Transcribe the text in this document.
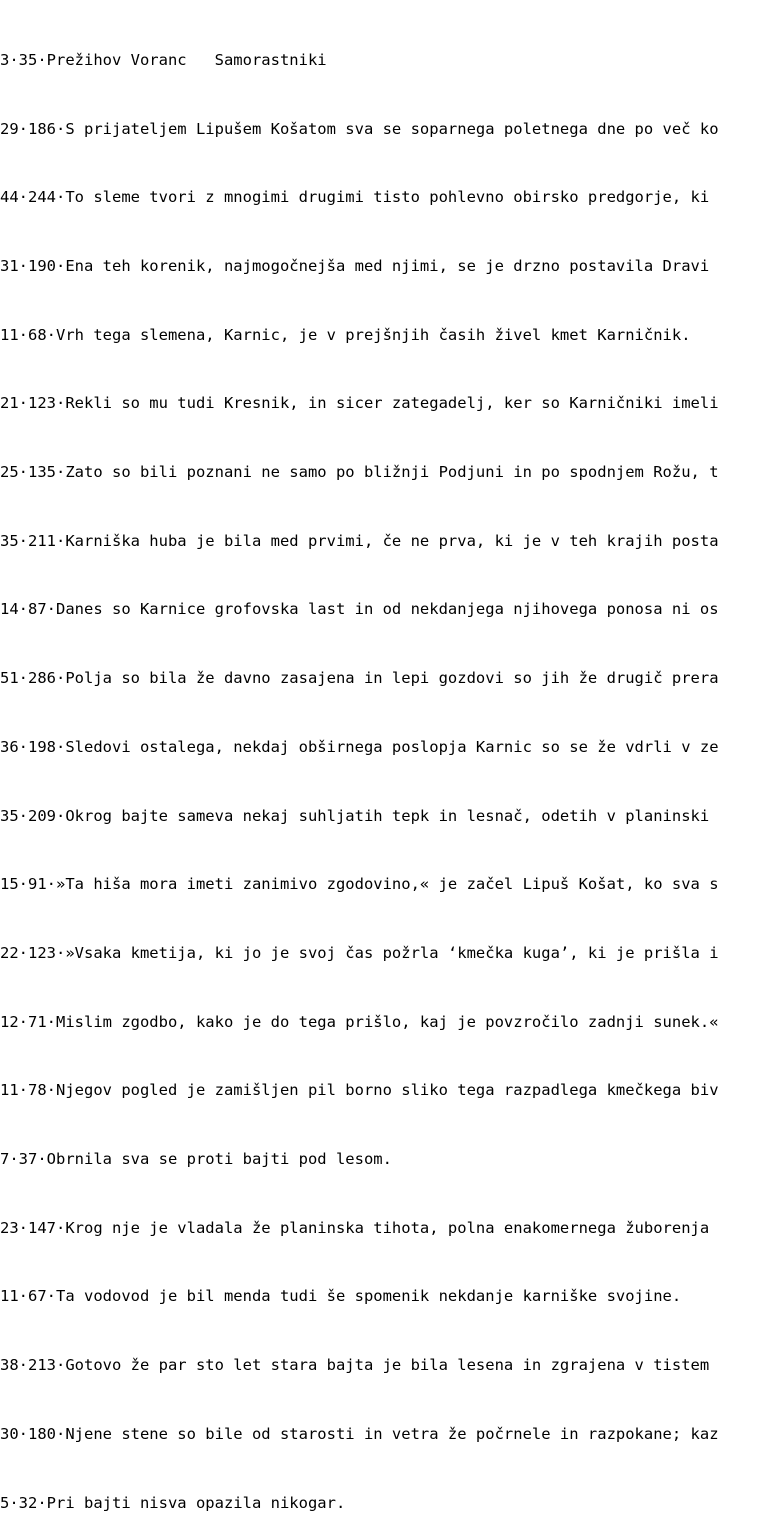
3·35·Prežihov Voranc   Samorastniki

29·186·S prijateljem Lipušem Košatom sva se soparnega poletnega dne po več ko

44·244·To sleme tvori z mnogimi drugimi tisto pohlevno obirsko predgorje, ki

31·190·Ena teh korenik, najmogočnejša med njimi, se je drzno postavila Dravi

11·68·Vrh tega slemena, Karnic, je v prejšnjih časih živel kmet Karničnik.

21·123·Rekli so mu tudi Kresnik, in sicer zategadelj, ker so Karničniki imeli

25·135·Zato so bili poznani ne samo po bližnji Podjuni in po spodnjem Rožu, t

35·211·Karniška huba je bila med prvimi, če ne prva, ki je v teh krajih posta

14·87·Danes so Karnice grofovska last in od nekdanjega njihovega ponosa ni os

51·286·Polja so bila že davno zasajena in lepi gozdovi so jih že drugič prera

36·198·Sledovi ostalega, nekdaj obširnega poslopja Karnic so se že vdrli v ze

35·209·Okrog bajte sameva nekaj suhljatih tepk in lesnač, odetih v planinski

15·91·»Ta hiša mora imeti zanimivo zgodovino,« je začel Lipuš Košat, ko sva s

22·123·»Vsaka kmetija, ki jo je svoj čas požrla ‘kmečka kuga’, ki je prišla i

12·71·Mislim zgodbo, kako je do tega prišlo, kaj je povzročilo zadnji sunek.«

11·78·Njegov pogled je zamišljen pil borno sliko tega razpadlega kmečkega biv

7·37·Obrnila sva se proti bajti pod lesom.

23·147·Krog nje je vladala že planinska tihota, polna enakomernega žuborenja

11·67·Ta vodovod je bil menda tudi še spomenik nekdanje karniške svojine.

38·213·Gotovo že par sto let stara bajta je bila lesena in zgrajena v tistem

30·180·Njene stene so bile od starosti in vetra že počrnele in razpokane; kaz

5·32·Pri bajti nisva opazila nikogar.
